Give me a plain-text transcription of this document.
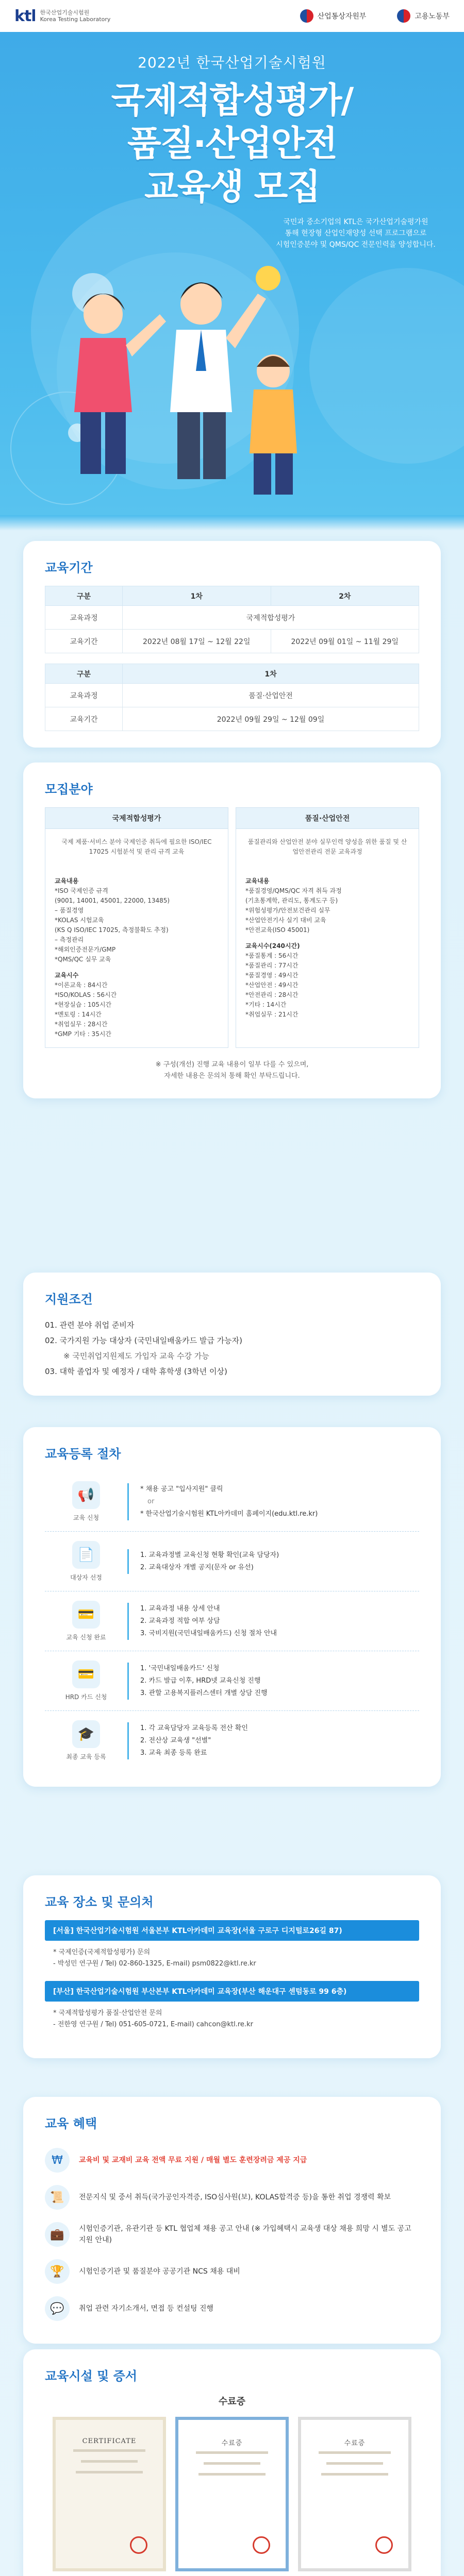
ktl 한국산업기술시험원
Korea Testing Laboratory	산업통상자원부	고용노동부
2022년 한국산업기술시험원
국제적합성평가/
품질·산업안전
교육생 모집

국민과 중소기업의 KTL은 국가산업기술평가원

통해 현장형 산업인재양성 선택 프로그램으로

시험인증분야 및 QMS/QC 전문인력을 양성합니다.

교육기간
구분	1차	2차
교육과정	국제적합성평가	
교육기간	2022년 08월 17일 ~ 12월 22일	2022년 09월 01일 ~ 11월 29일
구분	1차
교육과정	품질·산업안전
교육기간	2022년 09월 29일 ~ 12월 09일
모집분야
국제적합성평가
국제 제품·서비스 분야 국제인증 취득에 필요한 ISO/IEC 17025 시험분석 및 관리 규격 교육
교육내용
*ISO 국제인증 규격
(9001, 14001, 45001, 22000, 13485)
– 품질경영
*KOLAS 시험교육
(KS Q ISO/IEC 17025, 측정불확도 추정)
– 측정관리
*해외인증전문가/GMP
*QMS/QC 실무 교육
교육시수
*이론교육 : 84시간
*ISO/KOLAS : 56시간
*현장실습 : 105시간
*멘토링 : 14시간
*취업실무 : 28시간
*GMP 기타 : 35시간
품질·산업안전
품질관리와 산업안전 분야 실무인력 양성을 위한 품질 및 산업안전관리 전문 교육과정
교육내용
*품질경영/QMS/QC 자격 취득 과정
(기초통계학, 관리도, 통계도구 등)
*위험성평가/안전보건관리 실무
*산업안전기사 실기 대비 교육
*안전교육(ISO 45001)
교육시수(240시간)
*품질통계 : 56시간
*품질관리 : 77시간
*품질경영 : 49시간
*산업안전 : 49시간
*안전관리 : 28시간
*기타 : 14시간
*취업실무 : 21시간
※ 구성(개선) 진행 교육 내용이 일부 다를 수 있으며,
자세한 내용은 문의처 통해 확인 부탁드립니다.
지원조건
01. 관련 분야 취업 준비자
02. 국가지원 가능 대상자 (국민내일배움카드 발급 가능자)
※ 국민취업지원제도 가입자 교육 수강 가능
03. 대학 졸업자 및 예정자 / 대학 휴학생 (3학년 이상)
교육등록 절차
📢
교육 신청
* 채용 공고 "입사지원" 클릭
or
* 한국산업기술시험원 KTL아카데미 홈페이지(edu.ktl.re.kr)
📄
대상자 선정
1. 교육과정별 교육신청 현황 확인(교육 담당자)
2. 교육대상자 개별 공지(문자 or 유선)
💳
교육 신청 완료
1. 교육과정 내용 상세 안내
2. 교육과정 적합 여부 상담
3. 국비지원(국민내일배움카드) 신청 절차 안내
💳
HRD 카드 신청
1. '국민내일배움카드' 신청
2. 카드 발급 이후, HRD넷 교육신청 진행
3. 관할 고용복지플러스센터 개별 상담 진행
🎓
최종 교육 등록
1. 각 교육담당자 교육등록 전산 확인
2. 전산상 교육생 "선별"
3. 교육 최종 등록 완료
교육 장소 및 문의처
[서울] 한국산업기술시험원 서울본부 KTL아카데미 교육장(서울 구로구 디지털로26길 87)
* 국제인증(국제적합성평가) 문의
- 박성민 연구원 / Tel) 02-860-1325, E-mail) psm0822@ktl.re.kr
[부산] 한국산업기술시험원 부산본부 KTL아카데미 교육장(부산 해운대구 센텀동로 99 6층)
* 국제적합성평가 품질·산업안전 문의
- 전한영 연구원 / Tel) 051-605-0721, E-mail) cahcon@ktl.re.kr
교육 혜택
₩	교육비 및 교재비 교육 전액 무료 지원 / 매월 별도 훈련장려금 제공 지급
📜	전문지식 및 중서 취득(국가공인자격증, ISO심사원(보), KOLAS합격증 등)을 통한 취업 경쟁력 확보
💼	시험인증기관, 유관기관 등 KTL 협업체 채용 공고 안내 (※ 가입혜택시 교육생 대상 채용 희망 시 별도 공고 지원 안내)
🏆	시험인증기관 및 품질분야 공공기관 NCS 채용 대비
💬	취업 관련 자기소개서, 면접 등 컨설팅 진행
교육시설 및 증서
수료증
CERTIFICATE	수료증	수료증
